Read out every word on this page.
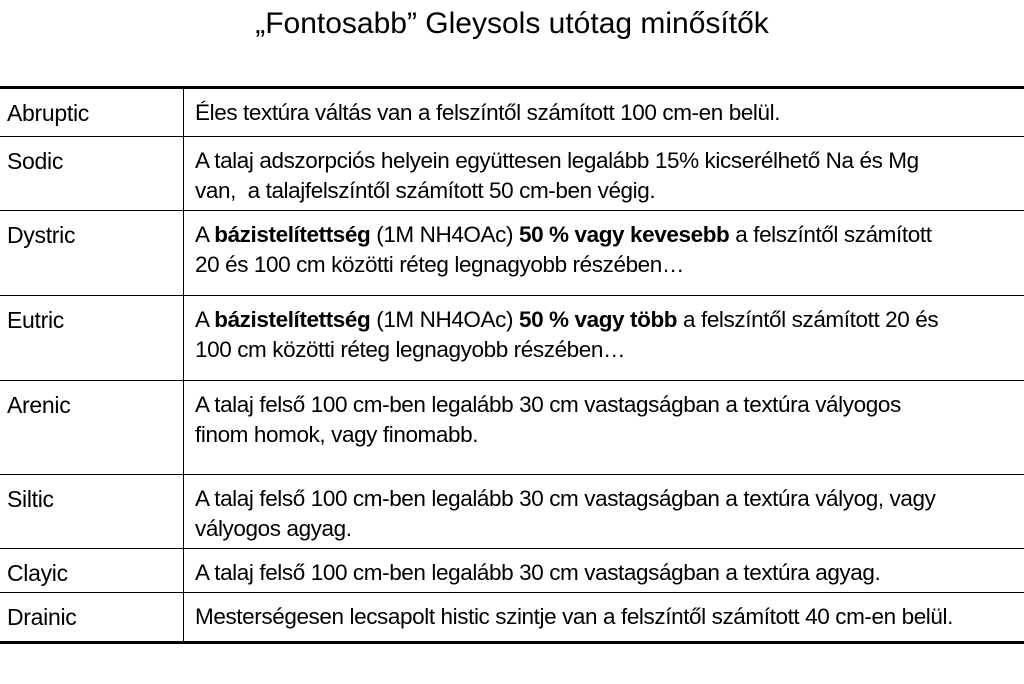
„Fontosabb” Gleysols utótag minősítők
Abruptic	Éles textúra váltás van a felszíntől számított 100 cm-en belül.
Sodic	A talaj adszorpciós helyein együttesen legalább 15% kicserélhető Na és Mg
van,  a talajfelszíntől számított 50 cm-ben végig.
Dystric	A bázistelítettség (1M NH4OAc) 50 % vagy kevesebb a felszíntől számított
20 és 100 cm közötti réteg legnagyobb részében…
Eutric	A bázistelítettség (1M NH4OAc) 50 % vagy több a felszíntől számított 20 és
100 cm közötti réteg legnagyobb részében…
Arenic	A talaj felső 100 cm-ben legalább 30 cm vastagságban a textúra vályogos
finom homok, vagy finomabb.
Siltic	A talaj felső 100 cm-ben legalább 30 cm vastagságban a textúra vályog, vagy
vályogos agyag.
Clayic	A talaj felső 100 cm-ben legalább 30 cm vastagságban a textúra agyag.
Drainic	Mesterségesen lecsapolt histic szintje van a felszíntől számított 40 cm-en belül.
